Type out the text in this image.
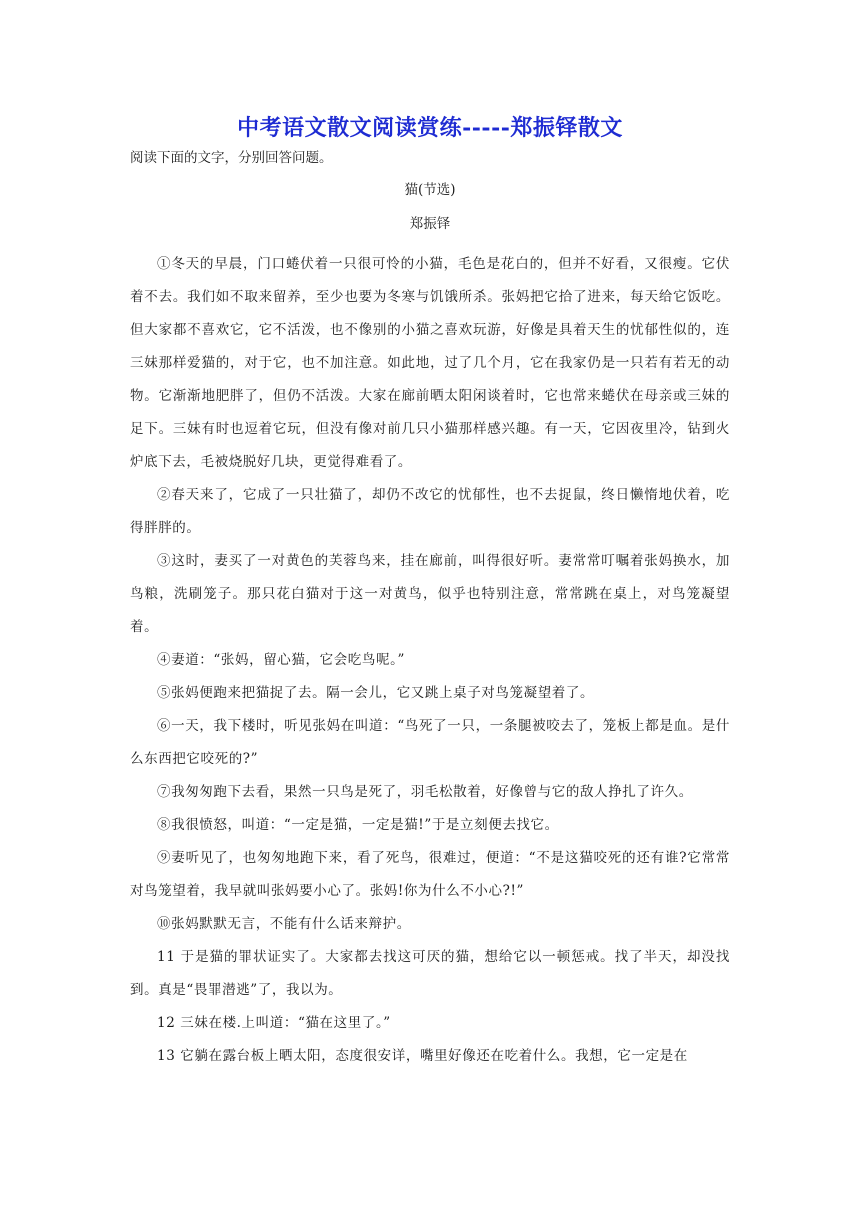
中考语文散文阅读赏练-----郑振铎散文

阅读下面的文字，分别回答问题。

猫(节选)

郑振铎

①冬天的早晨，门口蜷伏着一只很可怜的小猫，毛色是花白的，但并不好看，又很瘦。它伏着不去。我们如不取来留养，至少也要为冬寒与饥饿所杀。张妈把它拾了进来，每天给它饭吃。但大家都不喜欢它，它不活泼，也不像别的小猫之喜欢玩游，好像是具着天生的忧郁性似的，连三妹那样爱猫的，对于它，也不加注意。如此地，过了几个月，它在我家仍是一只若有若无的动物。它渐渐地肥胖了，但仍不活泼。大家在廊前晒太阳闲谈着时，它也常来蜷伏在母亲或三妹的足下。三妹有时也逗着它玩，但没有像对前几只小猫那样感兴趣。有一天，它因夜里冷，钻到火炉底下去，毛被烧脱好几块，更觉得难看了。

②春天来了，它成了一只壮猫了，却仍不改它的忧郁性，也不去捉鼠，终日懒惰地伏着，吃得胖胖的。

③这时，妻买了一对黄色的芙蓉鸟来，挂在廊前，叫得很好听。妻常常叮嘱着张妈换水，加鸟粮，洗刷笼子。那只花白猫对于这一对黄鸟，似乎也特别注意，常常跳在桌上，对鸟笼凝望着。

④妻道：“张妈，留心猫，它会吃鸟呢。”

⑤张妈便跑来把猫捉了去。隔一会儿，它又跳上桌子对鸟笼凝望着了。

⑥一天，我下楼时，听见张妈在叫道：“鸟死了一只，一条腿被咬去了，笼板上都是血。是什么东西把它咬死的?”

⑦我匆匆跑下去看，果然一只鸟是死了，羽毛松散着，好像曾与它的敌人挣扎了许久。

⑧我很愤怒，叫道：“一定是猫，一定是猫!”于是立刻便去找它。

⑨妻听见了，也匆匆地跑下来，看了死鸟，很难过，便道：“不是这猫咬死的还有谁?它常常对鸟笼望着，我早就叫张妈要小心了。张妈!你为什么不小心?!”

⑩张妈默默无言，不能有什么话来辩护。

11 于是猫的罪状证实了。大家都去找这可厌的猫，想给它以一顿惩戒。找了半天，却没找到。真是“畏罪潜逃”了，我以为。

12 三妹在楼.上叫道：“猫在这里了。”

13 它躺在露台板上晒太阳，态度很安详，嘴里好像还在吃着什么。我想，它一定是在
